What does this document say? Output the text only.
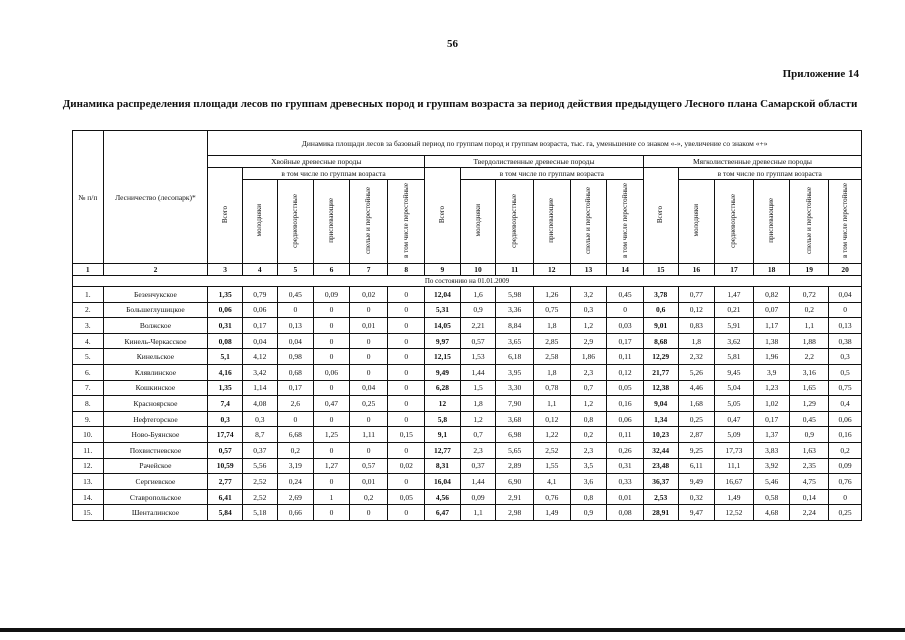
56
Приложение 14
Динамика распределения площади лесов по группам древесных пород и группам возраста за период действия предыдущего Лесного плана Самарской области
№ п/п	Лесничество (лесопарк)*	Динамика площади лесов за базовый период по группам пород и группам возраста, тыс. га, уменьшение со знаком «-», увеличение со знаком «+»																	
		Хвойные древесные породы						Твердолиственные древесные породы						Мягколиственные древесные породы					
		Всего	в том числе по группам возраста					Всего	в том числе по группам возраста					Всего	в том числе по группам возраста				
			молодняки	средневозрастные	приспевающие	спелые и перестойные	в том числе перестойные		молодняки	средневозрастные	приспевающие	спелые и перестойные	в том числе перестойные		молодняки	средневозрастные	приспевающие	спелые и перестойные	в том числе перестойные
1	2	3	4	5	6	7	8	9	10	11	12	13	14	15	16	17	18	19	20
По состоянию на 01.01.2009																			
1.	Безенчукское	1,35	0,79	0,45	0,09	0,02	0	12,04	1,6	5,98	1,26	3,2	0,45	3,78	0,77	1,47	0,82	0,72	0,04
2.	Большеглушицкое	0,06	0,06	0	0	0	0	5,31	0,9	3,36	0,75	0,3	0	0,6	0,12	0,21	0,07	0,2	0
3.	Волжское	0,31	0,17	0,13	0	0,01	0	14,05	2,21	8,84	1,8	1,2	0,03	9,01	0,83	5,91	1,17	1,1	0,13
4.	Кинель-Черкасское	0,08	0,04	0,04	0	0	0	9,97	0,57	3,65	2,85	2,9	0,17	8,68	1,8	3,62	1,38	1,88	0,38
5.	Кинельское	5,1	4,12	0,98	0	0	0	12,15	1,53	6,18	2,58	1,86	0,11	12,29	2,32	5,81	1,96	2,2	0,3
6.	Клявлинское	4,16	3,42	0,68	0,06	0	0	9,49	1,44	3,95	1,8	2,3	0,12	21,77	5,26	9,45	3,9	3,16	0,5
7.	Кошкинское	1,35	1,14	0,17	0	0,04	0	6,28	1,5	3,30	0,78	0,7	0,05	12,38	4,46	5,04	1,23	1,65	0,75
8.	Красноярское	7,4	4,08	2,6	0,47	0,25	0	12	1,8	7,90	1,1	1,2	0,16	9,04	1,68	5,05	1,02	1,29	0,4
9.	Нефтегорское	0,3	0,3	0	0	0	0	5,8	1,2	3,68	0,12	0,8	0,06	1,34	0,25	0,47	0,17	0,45	0,06
10.	Ново-Буянское	17,74	8,7	6,68	1,25	1,11	0,15	9,1	0,7	6,98	1,22	0,2	0,11	10,23	2,87	5,09	1,37	0,9	0,16
11.	Похвистневское	0,57	0,37	0,2	0	0	0	12,77	2,3	5,65	2,52	2,3	0,26	32,44	9,25	17,73	3,83	1,63	0,2
12.	Рачейское	10,59	5,56	3,19	1,27	0,57	0,02	8,31	0,37	2,89	1,55	3,5	0,31	23,48	6,11	11,1	3,92	2,35	0,09
13.	Сергиевское	2,77	2,52	0,24	0	0,01	0	16,04	1,44	6,90	4,1	3,6	0,33	36,37	9,49	16,67	5,46	4,75	0,76
14.	Ставропольское	6,41	2,52	2,69	1	0,2	0,05	4,56	0,09	2,91	0,76	0,8	0,01	2,53	0,32	1,49	0,58	0,14	0
15.	Шенталинское	5,84	5,18	0,66	0	0	0	6,47	1,1	2,98	1,49	0,9	0,08	28,91	9,47	12,52	4,68	2,24	0,25
